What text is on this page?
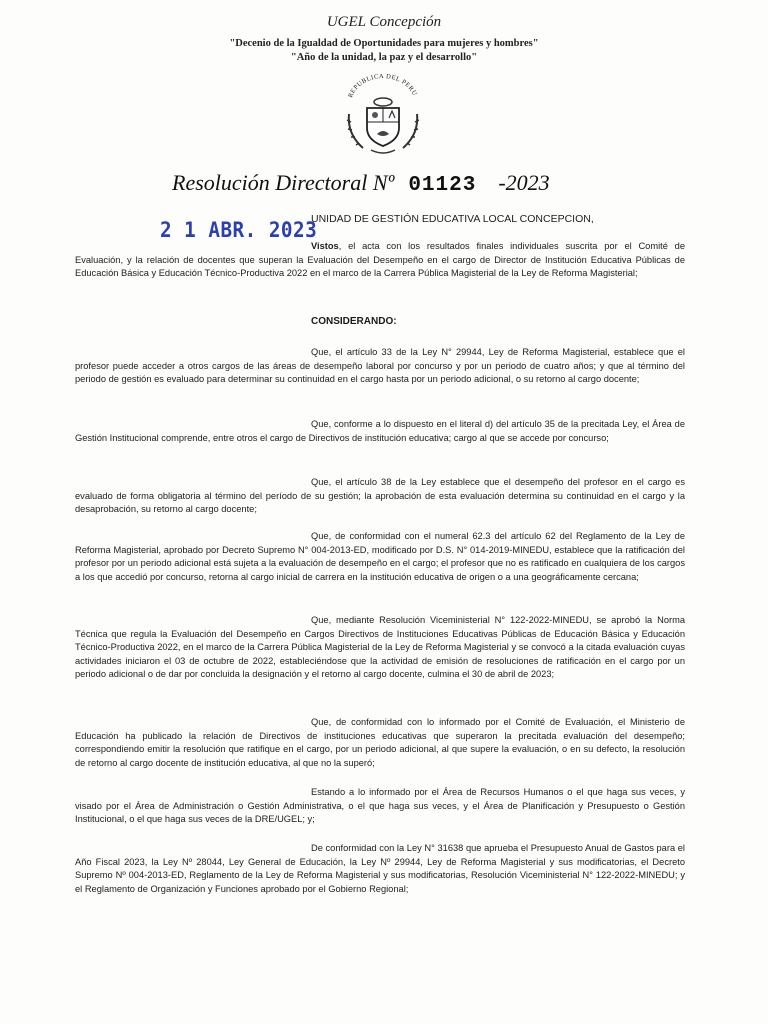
UGEL Concepción
"Decenio de la Igualdad de Oportunidades para mujeres y hombres"
"Año de la unidad, la paz y el desarrollo"
REPUBLICA DEL PERU
Resolución Directoral Nº 01123 -2023
2 1 ABR. 2023
UNIDAD DE GESTIÓN EDUCATIVA LOCAL CONCEPCION,
Vistos, el acta con los resultados finales individuales suscrita por el Comité de Evaluación, y la relación de docentes que superan la Evaluación del Desempeño en el cargo de Director de Institución Educativa Públicas de Educación Básica y Educación Técnico-Productiva 2022 en el marco de la Carrera Pública Magisterial de la Ley de Reforma Magisterial;
CONSIDERANDO:
Que, el artículo 33 de la Ley N° 29944, Ley de Reforma Magisterial, establece que el profesor puede acceder a otros cargos de las áreas de desempeño laboral por concurso y por un periodo de cuatro años; y que al término del periodo de gestión es evaluado para determinar su continuidad en el cargo hasta por un periodo adicional, o su retorno al cargo docente;
Que, conforme a lo dispuesto en el literal d) del artículo 35 de la precitada Ley, el Área de Gestión Institucional comprende, entre otros el cargo de Directivos de institución educativa; cargo al que se accede por concurso;
Que, el artículo 38 de la Ley establece que el desempeño del profesor en el cargo es evaluado de forma obligatoria al término del período de su gestión; la aprobación de esta evaluación determina su continuidad en el cargo y la desaprobación, su retorno al cargo docente;
Que, de conformidad con el numeral 62.3 del artículo 62 del Reglamento de la Ley de Reforma Magisterial, aprobado por Decreto Supremo N° 004-2013-ED, modificado por D.S. N° 014-2019-MINEDU, establece que la ratificación del profesor por un periodo adicional está sujeta a la evaluación de desempeño en el cargo; el profesor que no es ratificado en cualquiera de los cargos a los que accedió por concurso, retorna al cargo inicial de carrera en la institución educativa de origen o a una geográficamente cercana;
Que, mediante Resolución Viceministerial N° 122-2022-MINEDU, se aprobó la Norma Técnica que regula la Evaluación del Desempeño en Cargos Directivos de Instituciones Educativas Públicas de Educación Básica y Educación Técnico-Productiva 2022, en el marco de la Carrera Pública Magisterial de la Ley de Reforma Magisterial y se convocó a la citada evaluación cuyas actividades iniciaron el 03 de octubre de 2022, estableciéndose que la actividad de emisión de resoluciones de ratificación en el cargo por un periodo adicional o de dar por concluida la designación y el retorno al cargo docente, culmina el 30 de abril de 2023;
Que, de conformidad con lo informado por el Comité de Evaluación, el Ministerio de Educación ha publicado la relación de Directivos de instituciones educativas que superaron la precitada evaluación del desempeño; correspondiendo emitir la resolución que ratifique en el cargo, por un periodo adicional, al que supere la evaluación, o en su defecto, la resolución de retorno al cargo docente de institución educativa, al que no la superó;
Estando a lo informado por el Área de Recursos Humanos o el que haga sus veces, y visado por el Área de Administración o Gestión Administrativa, o el que haga sus veces, y el Área de Planificación y Presupuesto o Gestión Institucional, o el que haga sus veces de la DRE/UGEL; y;
De conformidad con la Ley N° 31638 que aprueba el Presupuesto Anual de Gastos para el Año Fiscal 2023, la Ley Nº 28044, Ley General de Educación, la Ley Nº 29944, Ley de Reforma Magisterial y sus modificatorias, el Decreto Supremo Nº 004-2013-ED, Reglamento de la Ley de Reforma Magisterial y sus modificatorias, Resolución Viceministerial N° 122-2022-MINEDU; y el Reglamento de Organización y Funciones aprobado por el Gobierno Regional;
